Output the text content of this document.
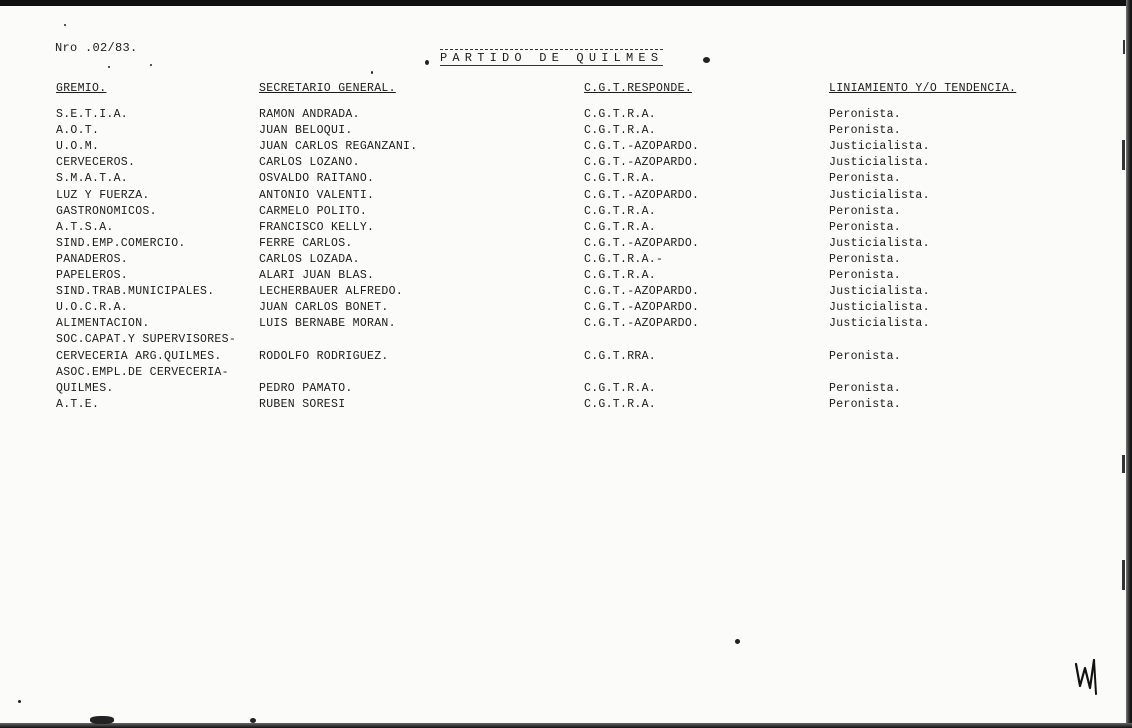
Nro .02/83.
PARTIDO DE QUILMES
GREMIO.	SECRETARIO GENERAL.	C.G.T.RESPONDE.	LINIAMIENTO Y/O TENDENCIA.
S.E.T.I.A.	RAMON ANDRADA.	C.G.T.R.A.	Peronista.
A.O.T.	JUAN BELOQUI.	C.G.T.R.A.	Peronista.
U.O.M.	JUAN CARLOS REGANZANI.	C.G.T.-AZOPARDO.	Justicialista.
CERVECEROS.	CARLOS LOZANO.	C.G.T.-AZOPARDO.	Justicialista.
S.M.A.T.A.	OSVALDO RAITANO.	C.G.T.R.A.	Peronista.
LUZ Y FUERZA.	ANTONIO VALENTI.	C.G.T.-AZOPARDO.	Justicialista.
GASTRONOMICOS.	CARMELO POLITO.	C.G.T.R.A.	Peronista.
A.T.S.A.	FRANCISCO KELLY.	C.G.T.R.A.	Peronista.
SIND.EMP.COMERCIO.	FERRE CARLOS.	C.G.T.-AZOPARDO.	Justicialista.
PANADEROS.	CARLOS LOZADA.	C.G.T.R.A.-	Peronista.
PAPELEROS.	ALARI JUAN BLAS.	C.G.T.R.A.	Peronista.
SIND.TRAB.MUNICIPALES.	LECHERBAUER ALFREDO.	C.G.T.-AZOPARDO.	Justicialista.
U.O.C.R.A.	JUAN CARLOS BONET.	C.G.T.-AZOPARDO.	Justicialista.
ALIMENTACION.	LUIS BERNABE MORAN.	C.G.T.-AZOPARDO.	Justicialista.
SOC.CAPAT.Y SUPERVISORES-
CERVECERIA ARG.QUILMES.	RODOLFO RODRIGUEZ.	C.G.T.RRA.	Peronista.
ASOC.EMPL.DE CERVECERIA-
QUILMES.	PEDRO PAMATO.	C.G.T.R.A.	Peronista.
A.T.E.	RUBEN SORESI	C.G.T.R.A.	Peronista.
